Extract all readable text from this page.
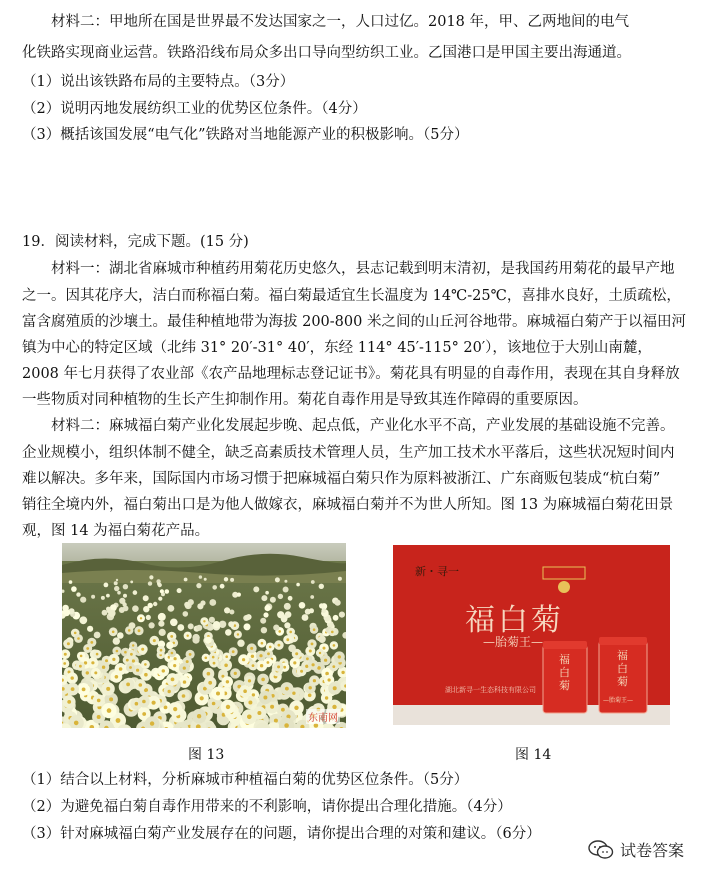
材料二：甲地所在国是世界最不发达国家之一，人口过亿。2018 年，甲、乙两地间的电气
化铁路实现商业运营。铁路沿线布局众多出口导向型纺织工业。乙国港口是甲国主要出海通道。
（1）说出该铁路布局的主要特点。（3分）
（2）说明丙地发展纺织工业的优势区位条件。（4分）
（3）概括该国发展“电气化”铁路对当地能源产业的积极影响。（5分）
19．阅读材料，完成下题。(15 分)
材料一：湖北省麻城市种植药用菊花历史悠久，县志记载到明末清初，是我国药用菊花的最早产地
之一。因其花序大，洁白而称福白菊。福白菊最适宜生长温度为 14℃-25℃，喜排水良好，土质疏松，
富含腐殖质的沙壤土。最佳种植地带为海拔 200-800 米之间的山丘河谷地带。麻城福白菊产于以福田河
镇为中心的特定区域（北纬 31° 20′-31° 40′，东经 114° 45′-115° 20′），该地位于大别山南麓，
2008 年七月获得了农业部《农产品地理标志登记证书》。菊花具有明显的自毒作用，表现在其自身释放
一些物质对同种植物的生长产生抑制作用。菊花自毒作用是导致其连作障碍的重要原因。
材料二：麻城福白菊产业化发展起步晚、起点低，产业化水平不高，产业发展的基础设施不完善。
企业规模小，组织体制不健全，缺乏高素质技术管理人员，生产加工技术水平落后，这些状况短时间内
难以解决。多年来，国际国内市场习惯于把麻城福白菊只作为原料被浙江、广东商贩包装成“杭白菊”
销往全境内外，福白菊出口是为他人做嫁衣，麻城福白菊并不为世人所知。图 13 为麻城福白菊花田景
观，图 14 为福白菊花产品。
东南网
新・寻一
福白菊
—胎菊王—
湖北新寻一生态科技有限公司
福白菊
福白菊
—胎菊王—
图 13	图 14
（1）结合以上材料，分析麻城市种植福白菊的优势区位条件。（5分）
（2）为避免福白菊自毒作用带来的不利影响，请你提出合理化措施。（4分）
（3）针对麻城福白菊产业发展存在的问题，请你提出合理的对策和建议。（6分）
试卷答案
